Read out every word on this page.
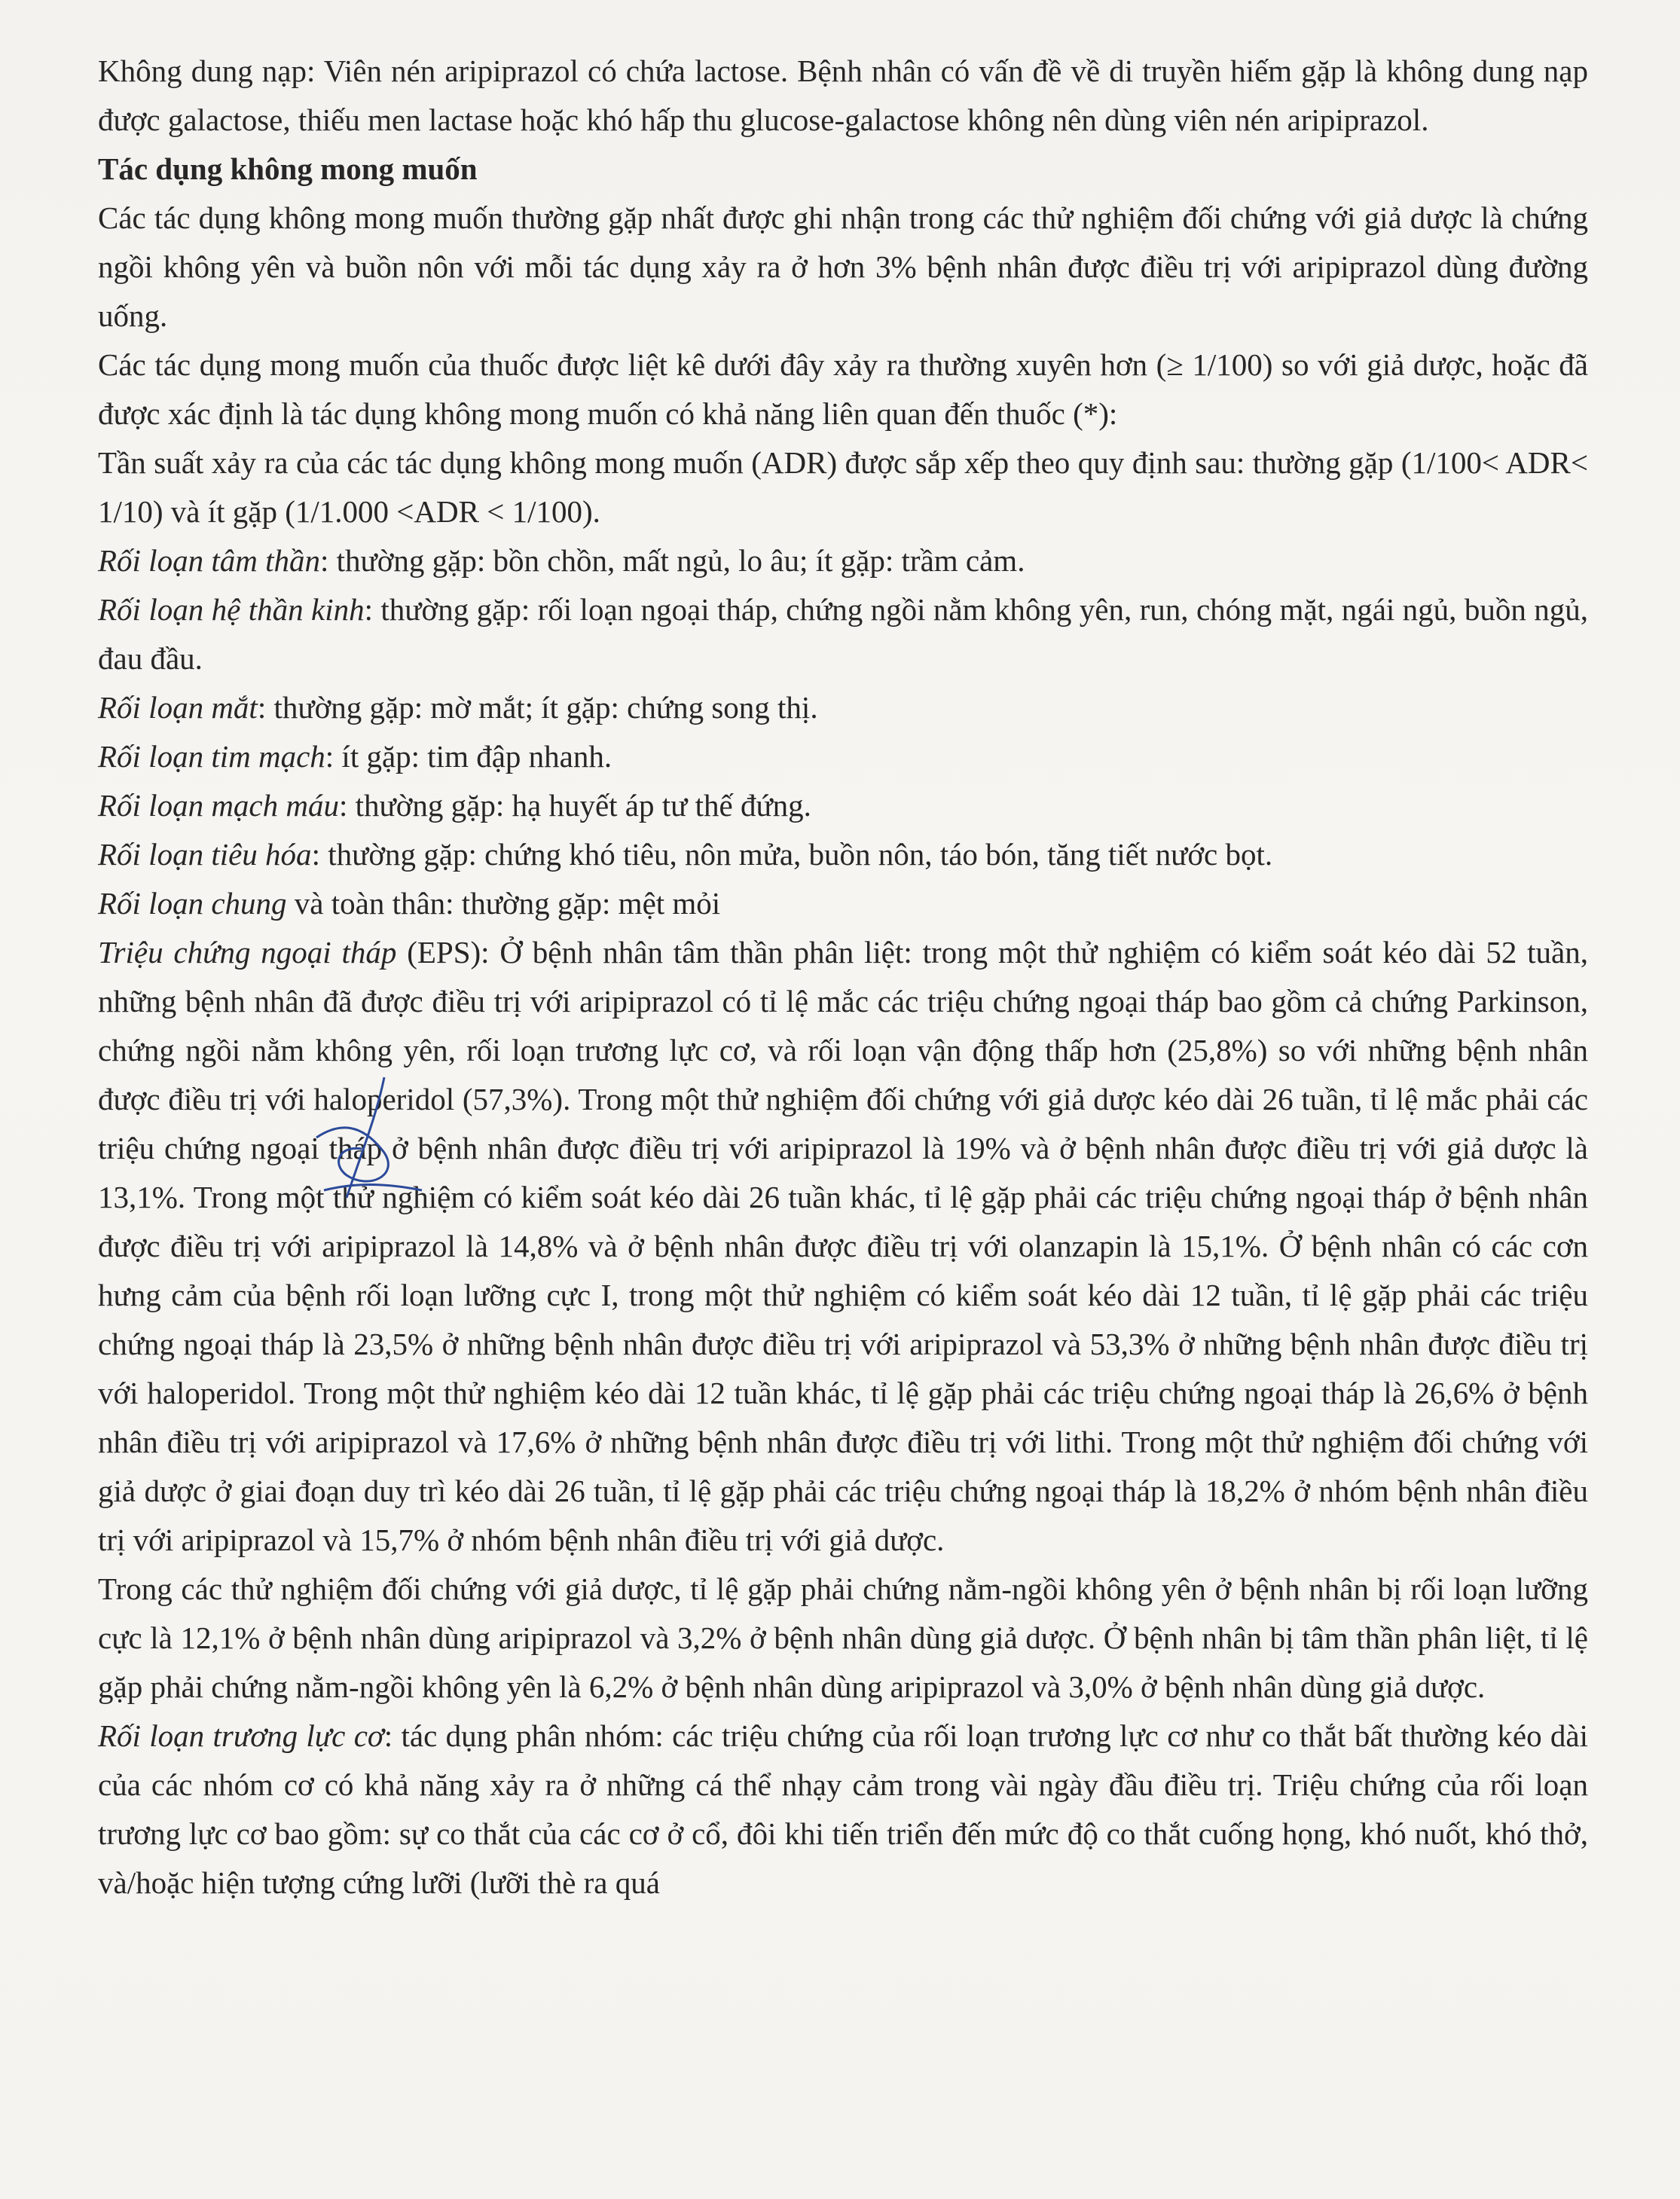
Không dung nạp: Viên nén aripiprazol có chứa lactose. Bệnh nhân có vấn đề về di truyền hiếm gặp là không dung nạp được galactose, thiếu men lactase hoặc khó hấp thu glucose-galactose không nên dùng viên nén aripiprazol.

Tác dụng không mong muốn

Các tác dụng không mong muốn thường gặp nhất được ghi nhận trong các thử nghiệm đối chứng với giả dược là chứng ngồi không yên và buồn nôn với mỗi tác dụng xảy ra ở hơn 3% bệnh nhân được điều trị với aripiprazol dùng đường uống.

Các tác dụng mong muốn của thuốc được liệt kê dưới đây xảy ra thường xuyên hơn (≥ 1/100) so với giả dược, hoặc đã được xác định là tác dụng không mong muốn có khả năng liên quan đến thuốc (*):

Tần suất xảy ra của các tác dụng không mong muốn (ADR) được sắp xếp theo quy định sau: thường gặp (1/100< ADR< 1/10) và ít gặp (1/1.000 <ADR < 1/100).

Rối loạn tâm thần: thường gặp: bồn chồn, mất ngủ, lo âu; ít gặp: trầm cảm.

Rối loạn hệ thần kinh: thường gặp: rối loạn ngoại tháp, chứng ngồi nằm không yên, run, chóng mặt, ngái ngủ, buồn ngủ, đau đầu.

Rối loạn mắt: thường gặp: mờ mắt; ít gặp: chứng song thị.

Rối loạn tim mạch: ít gặp: tim đập nhanh.

Rối loạn mạch máu: thường gặp: hạ huyết áp tư thế đứng.

Rối loạn tiêu hóa: thường gặp: chứng khó tiêu, nôn mửa, buồn nôn, táo bón, tăng tiết nước bọt.

Rối loạn chung và toàn thân: thường gặp: mệt mỏi

Triệu chứng ngoại tháp (EPS): Ở bệnh nhân tâm thần phân liệt: trong một thử nghiệm có kiểm soát kéo dài 52 tuần, những bệnh nhân đã được điều trị với aripiprazol có tỉ lệ mắc các triệu chứng ngoại tháp bao gồm cả chứng Parkinson, chứng ngồi nằm không yên, rối loạn trương lực cơ, và rối loạn vận động thấp hơn (25,8%) so với những bệnh nhân được điều trị với haloperidol (57,3%). Trong một thử nghiệm đối chứng với giả dược kéo dài 26 tuần, tỉ lệ mắc phải các triệu chứng ngoại tháp ở bệnh nhân được điều trị với aripiprazol là 19% và ở bệnh nhân được điều trị với giả dược là 13,1%. Trong một thử nghiệm có kiểm soát kéo dài 26 tuần khác, tỉ lệ gặp phải các triệu chứng ngoại tháp ở bệnh nhân được điều trị với aripiprazol là 14,8% và ở bệnh nhân được điều trị với olanzapin là 15,1%. Ở bệnh nhân có các cơn hưng cảm của bệnh rối loạn lưỡng cực I, trong một thử nghiệm có kiểm soát kéo dài 12 tuần, tỉ lệ gặp phải các triệu chứng ngoại tháp là 23,5% ở những bệnh nhân được điều trị với aripiprazol và 53,3% ở những bệnh nhân được điều trị với haloperidol. Trong một thử nghiệm kéo dài 12 tuần khác, tỉ lệ gặp phải các triệu chứng ngoại tháp là 26,6% ở bệnh nhân điều trị với aripiprazol và 17,6% ở những bệnh nhân được điều trị với lithi. Trong một thử nghiệm đối chứng với giả dược ở giai đoạn duy trì kéo dài 26 tuần, tỉ lệ gặp phải các triệu chứng ngoại tháp là 18,2% ở nhóm bệnh nhân điều trị với aripiprazol và 15,7% ở nhóm bệnh nhân điều trị với giả dược.

Trong các thử nghiệm đối chứng với giả dược, tỉ lệ gặp phải chứng nằm-ngồi không yên ở bệnh nhân bị rối loạn lưỡng cực là 12,1% ở bệnh nhân dùng aripiprazol và 3,2% ở bệnh nhân dùng giả dược. Ở bệnh nhân bị tâm thần phân liệt, tỉ lệ gặp phải chứng nằm-ngồi không yên là 6,2% ở bệnh nhân dùng aripiprazol và 3,0% ở bệnh nhân dùng giả dược.

Rối loạn trương lực cơ: tác dụng phân nhóm: các triệu chứng của rối loạn trương lực cơ như co thắt bất thường kéo dài của các nhóm cơ có khả năng xảy ra ở những cá thể nhạy cảm trong vài ngày đầu điều trị. Triệu chứng của rối loạn trương lực cơ bao gồm: sự co thắt của các cơ ở cổ, đôi khi tiến triển đến mức độ co thắt cuống họng, khó nuốt, khó thở, và/hoặc hiện tượng cứng lưỡi (lưỡi thè ra quá
